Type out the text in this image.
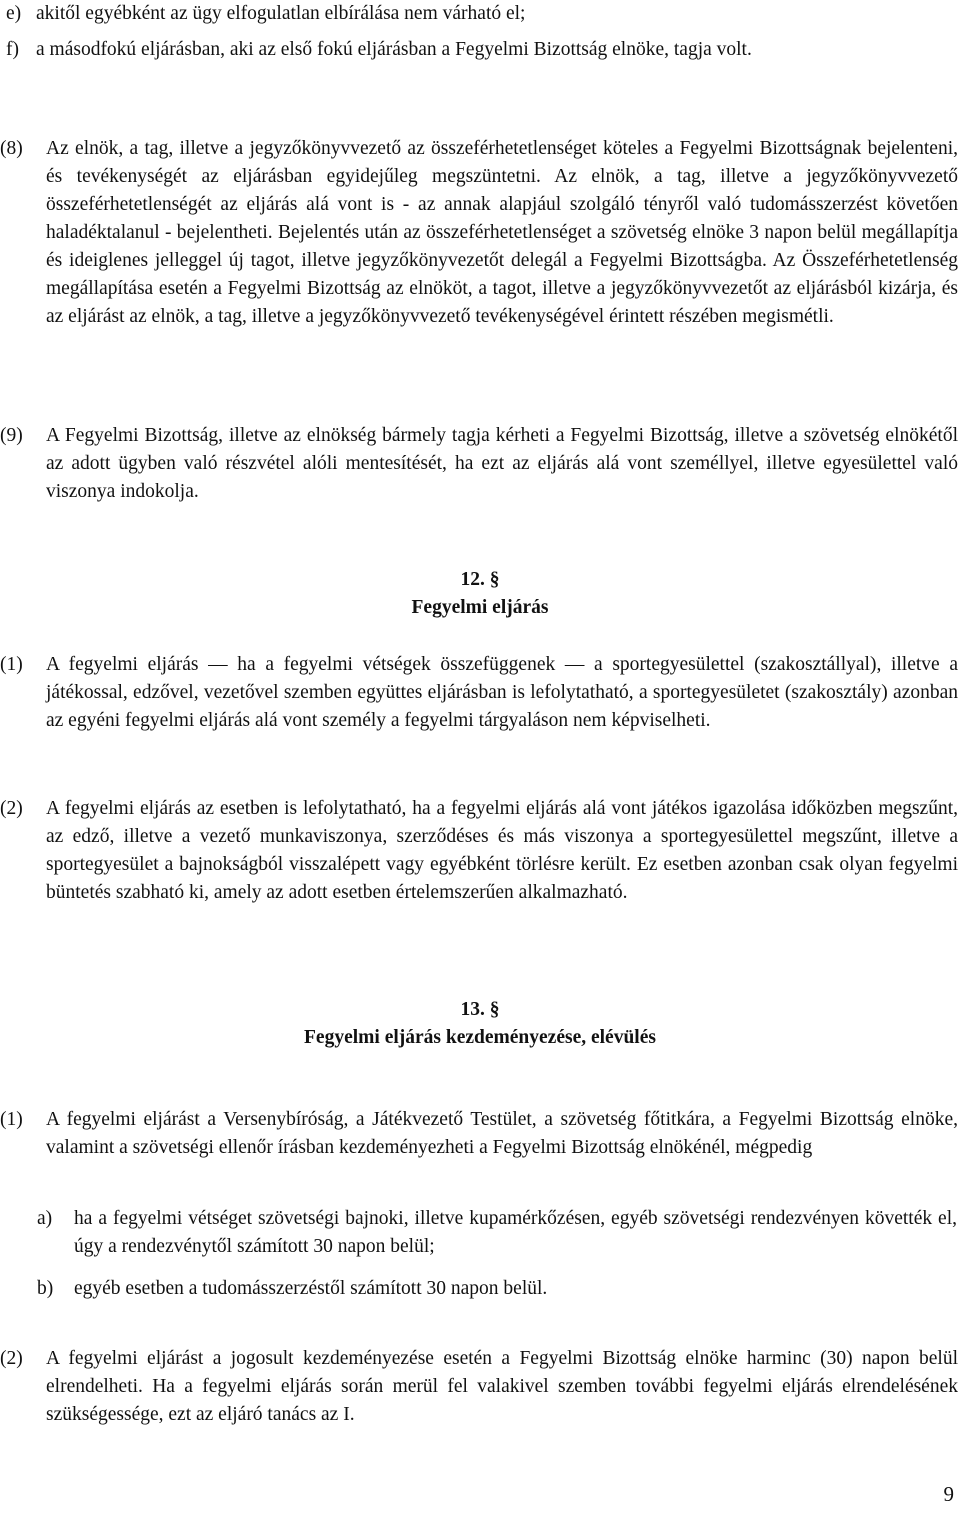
e) akitől egyébként az ügy elfogulatlan elbírálása nem várható el;
f) a másodfokú eljárásban, aki az első fokú eljárásban a Fegyelmi Bizottság elnöke, tagja volt.
(8)	Az elnök, a tag, illetve a jegyzőkönyvvezető az összeférhetetlenséget köteles a Fegyelmi Bizottságnak bejelenteni, és tevékenységét az eljárásban egyidejűleg megszüntetni. Az elnök, a tag, illetve a jegyzőkönyvvezető összeférhetetlenségét az eljárás alá vont is - az annak alapjául szolgáló tényről való tudomásszerzést követően haladéktalanul - bejelentheti. Bejelentés után az összeférhetetlenséget a szövetség elnöke 3 napon belül megállapítja és ideiglenes jelleggel új tagot, illetve jegyzőkönyvezetőt delegál a Fegyelmi Bizottságba. Az Összeférhetetlenség megállapítása esetén a Fegyelmi Bizottság az elnököt, a tagot, illetve a jegyzőkönyvvezetőt az eljárásból kizárja, és az eljárást az elnök, a tag, illetve a jegyzőkönyvvezető tevékenységével érintett részében megismétli.
(9)	A Fegyelmi Bizottság, illetve az elnökség bármely tagja kérheti a Fegyelmi Bizottság, illetve a szövetség elnökétől az adott ügyben való részvétel alóli mentesítését, ha ezt az eljárás alá vont személlyel, illetve egyesülettel való viszonya indokolja.
12. §
Fegyelmi eljárás
(1)	A fegyelmi eljárás — ha a fegyelmi vétségek összefüggenek — a sportegyesülettel (szakosztállyal), illetve a játékossal, edzővel, vezetővel szemben együttes eljárásban is lefolytatható, a sportegyesületet (szakosztály) azonban az egyéni fegyelmi eljárás alá vont személy a fegyelmi tárgyaláson nem képviselheti.
(2)	A fegyelmi eljárás az esetben is lefolytatható, ha a fegyelmi eljárás alá vont játékos igazolása időközben megszűnt, az edző, illetve a vezető munkaviszonya, szerződéses és más viszonya a sportegyesülettel megszűnt, illetve a sportegyesület a bajnokságból visszalépett vagy egyébként törlésre került. Ez esetben azonban csak olyan fegyelmi büntetés szabható ki, amely az adott esetben értelemszerűen alkalmazható.
13. §
Fegyelmi eljárás kezdeményezése, elévülés
(1)	A fegyelmi eljárást a Versenybíróság, a Játékvezető Testület, a szövetség főtitkára, a Fegyelmi Bizottság elnöke, valamint a szövetségi ellenőr írásban kezdeményezheti a Fegyelmi Bizottság elnökénél, mégpedig
a)	ha a fegyelmi vétséget szövetségi bajnoki, illetve kupamérkőzésen, egyéb szövetségi rendezvényen követték el, úgy a rendezvénytől számított 30 napon belül;
b)	egyéb esetben a tudomásszerzéstől számított 30 napon belül.
(2)	A fegyelmi eljárást a jogosult kezdeményezése esetén a Fegyelmi Bizottság elnöke harminc (30) napon belül elrendelheti. Ha a fegyelmi eljárás során merül fel valakivel szemben további fegyelmi eljárás elrendelésének szükségessége, ezt az eljáró tanács az I.
9
